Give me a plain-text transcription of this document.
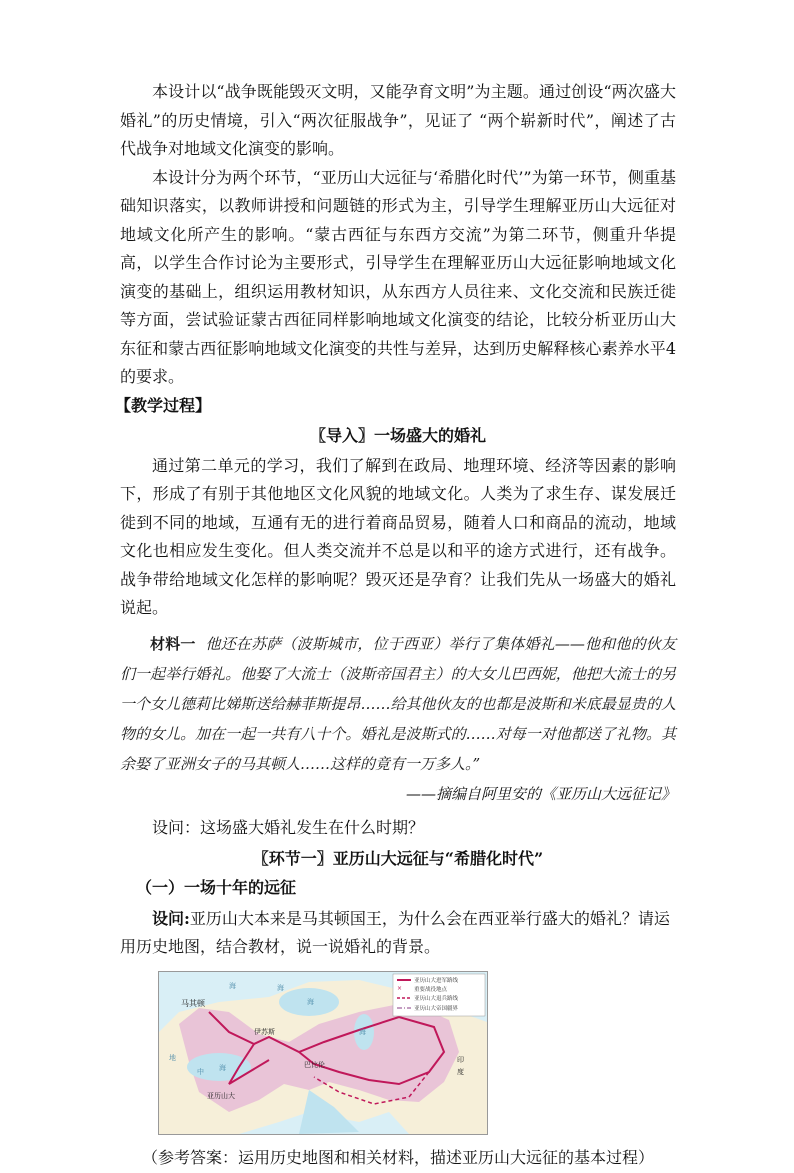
本设计以“战争既能毁灭文明，又能孕育文明”为主题。通过创设“两次盛大婚礼”的历史情境，引入“两次征服战争”，见证了 “两个崭新时代”，阐述了古代战争对地域文化演变的影响。

本设计分为两个环节，“亚历山大远征与‘希腊化时代’”为第一环节，侧重基础知识落实，以教师讲授和问题链的形式为主，引导学生理解亚历山大远征对地域文化所产生的影响。“蒙古西征与东西方交流”为第二环节，侧重升华提高，以学生合作讨论为主要形式，引导学生在理解亚历山大远征影响地域文化演变的基础上，组织运用教材知识，从东西方人员往来、文化交流和民族迁徙等方面，尝试验证蒙古西征同样影响地域文化演变的结论，比较分析亚历山大东征和蒙古西征影响地域文化演变的共性与差异，达到历史解释核心素养水平4的要求。

【教学过程】

〖导入〗一场盛大的婚礼

通过第二单元的学习，我们了解到在政局、地理环境、经济等因素的影响下，形成了有别于其他地区文化风貌的地域文化。人类为了求生存、谋发展迁徙到不同的地域，互通有无的进行着商品贸易，随着人口和商品的流动，地域文化也相应发生变化。但人类交流并不总是以和平的途方式进行，还有战争。战争带给地域文化怎样的影响呢？毁灭还是孕育？让我们先从一场盛大的婚礼说起。

材料一 他还在苏萨（波斯城市，位于西亚）举行了集体婚礼——他和他的伙友们一起举行婚礼。他娶了大流士（波斯帝国君主）的大女儿巴西妮，他把大流士的另一个女儿德莉比娣斯送给赫菲斯提昂……给其他伙友的也都是波斯和米底最显贵的人物的女儿。加在一起一共有八十个。婚礼是波斯式的……对每一对他都送了礼物。其余娶了亚洲女子的马其顿人……这样的竟有一万多人。”

——摘编自阿里安的《亚历山大远征记》

设问：这场盛大婚礼发生在什么时期？

〖环节一〗亚历山大远征与“希腊化时代”

（一）一场十年的远征

设问:亚历山大本来是马其顿国王，为什么会在西亚举行盛大的婚礼？请运用历史地图，结合教材，说一说婚礼的背景。

×
亚历山大进军路线
重要战役地点
亚历山大退兵路线
亚历山大帝国疆界
马其顿
伊苏斯
巴比伦
亚历山大
海
海
海
海
地
中 海
印
度

（参考答案：运用历史地图和相关材料，描述亚历山大远征的基本过程）
